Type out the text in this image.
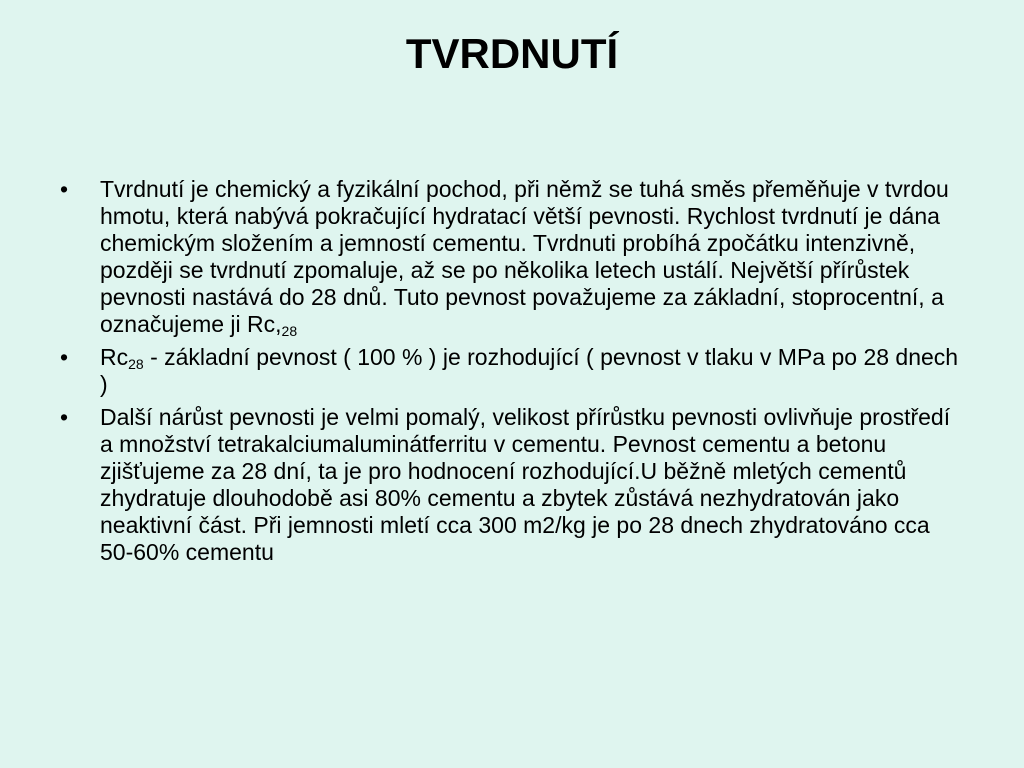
TVRDNUTÍ
•	Tvrdnutí je chemický a fyzikální pochod, při němž se tuhá směs přeměňuje v tvrdou hmotu, která nabývá pokračující hydratací větší pevnosti. Rychlost tvrdnutí je dána chemickým složením a jemností cementu. Tvrdnuti probíhá zpočátku intenzivně, později se tvrdnutí zpomaluje, až se po několika letech ustálí. Největší přírůstek pevnosti nastává do 28 dnů. Tuto pevnost považujeme za základní, stoprocentní, a označujeme ji $Rc,_{28}$
•	$Rc_{28}$ - základní pevnost ( 100 % ) je rozhodující ( pevnost v tlaku v MPa po 28 dnech )
•	Další nárůst pevnosti je velmi pomalý, velikost přírůstku pevnosti ovlivňuje prostředí a množství tetrakalciumaluminátferritu v cementu. Pevnost cementu a betonu zjišťujeme za 28 dní, ta je pro hodnocení rozhodující.U běžně mletých cementů zhydratuje dlouhodobě asi 80% cementu a zbytek zůstává nezhydratován jako neaktivní část. Při jemnosti mletí cca 300 m2/kg je po 28 dnech zhydratováno cca 50-60% cementu
